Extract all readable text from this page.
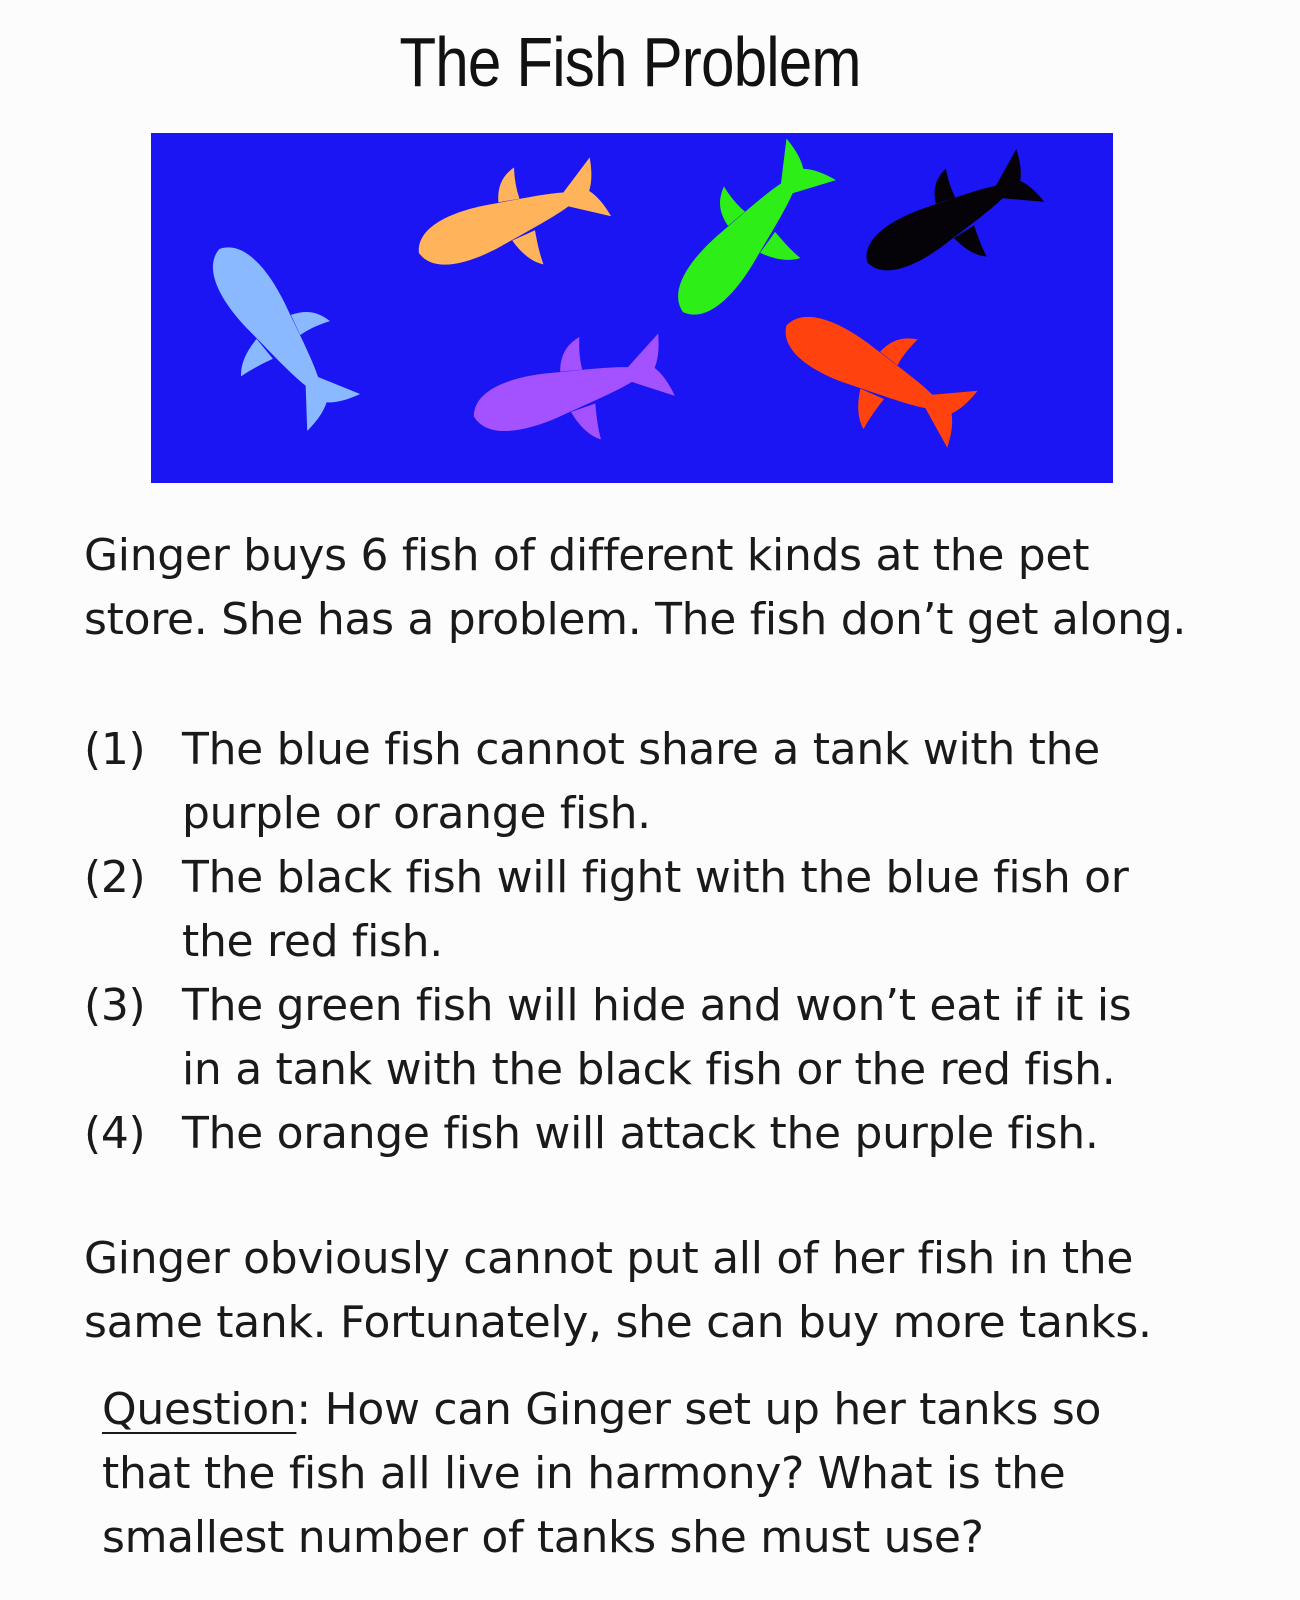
The Fish Problem
Ginger buys 6 fish of different kinds at the pet
store. She has a problem. The fish don’t get along.
(1) The blue fish cannot share a tank with the
purple or orange fish.
(2) The black fish will fight with the blue fish or
the red fish.
(3) The green fish will hide and won’t eat if it is
in a tank with the black fish or the red fish.
(4) The orange fish will attack the purple fish.
Ginger obviously cannot put all of her fish in the
same tank. Fortunately, she can buy more tanks.
Question: How can Ginger set up her tanks so
that the fish all live in harmony? What is the
smallest number of tanks she must use?
